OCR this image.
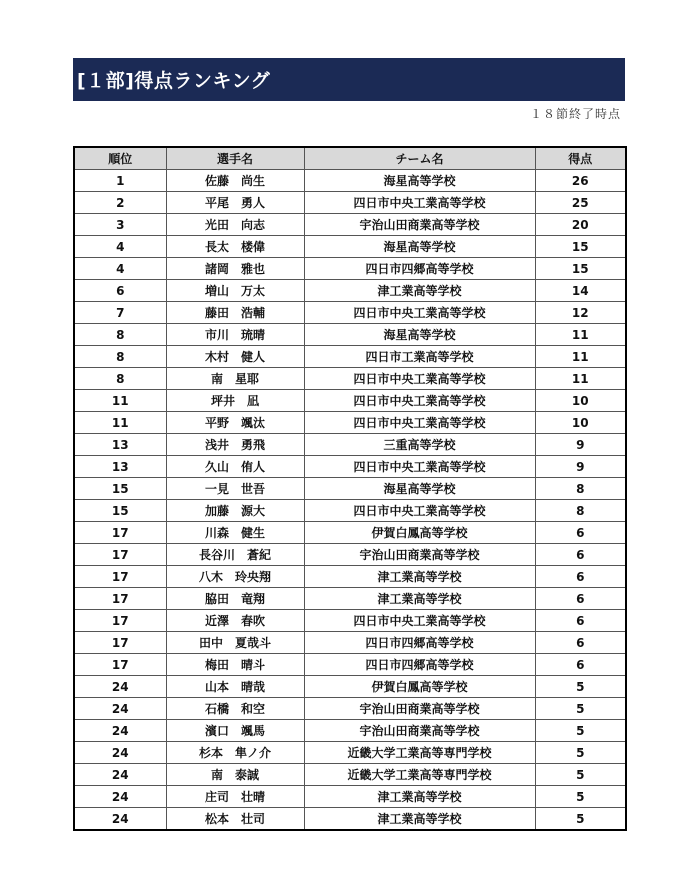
[１部]得点ランキング
１８節終了時点
順位	選手名	チーム名	得点
1	佐藤　尚生	海星高等学校	26
2	平尾　勇人	四日市中央工業高等学校	25
3	光田　向志	宇治山田商業高等学校	20
4	長太　楼偉	海星高等学校	15
4	諸岡　雅也	四日市四郷高等学校	15
6	増山　万太	津工業高等学校	14
7	藤田　浩輔	四日市中央工業高等学校	12
8	市川　琉晴	海星高等学校	11
8	木村　健人	四日市工業高等学校	11
8	南　星耶	四日市中央工業高等学校	11
11	坪井　凪	四日市中央工業高等学校	10
11	平野　颯汰	四日市中央工業高等学校	10
13	浅井　勇飛	三重高等学校	9
13	久山　侑人	四日市中央工業高等学校	9
15	一見　世吾	海星高等学校	8
15	加藤　源大	四日市中央工業高等学校	8
17	川森　健生	伊賀白鳳高等学校	6
17	長谷川　蒼紀	宇治山田商業高等学校	6
17	八木　玲央翔	津工業高等学校	6
17	脇田　竜翔	津工業高等学校	6
17	近澤　春吹	四日市中央工業高等学校	6
17	田中　夏哉斗	四日市四郷高等学校	6
17	梅田　晴斗	四日市四郷高等学校	6
24	山本　晴哉	伊賀白鳳高等学校	5
24	石橋　和空	宇治山田商業高等学校	5
24	濱口　颯馬	宇治山田商業高等学校	5
24	杉本　隼ノ介	近畿大学工業高等専門学校	5
24	南　泰誠	近畿大学工業高等専門学校	5
24	庄司　壮晴	津工業高等学校	5
24	松本　壮司	津工業高等学校	5
